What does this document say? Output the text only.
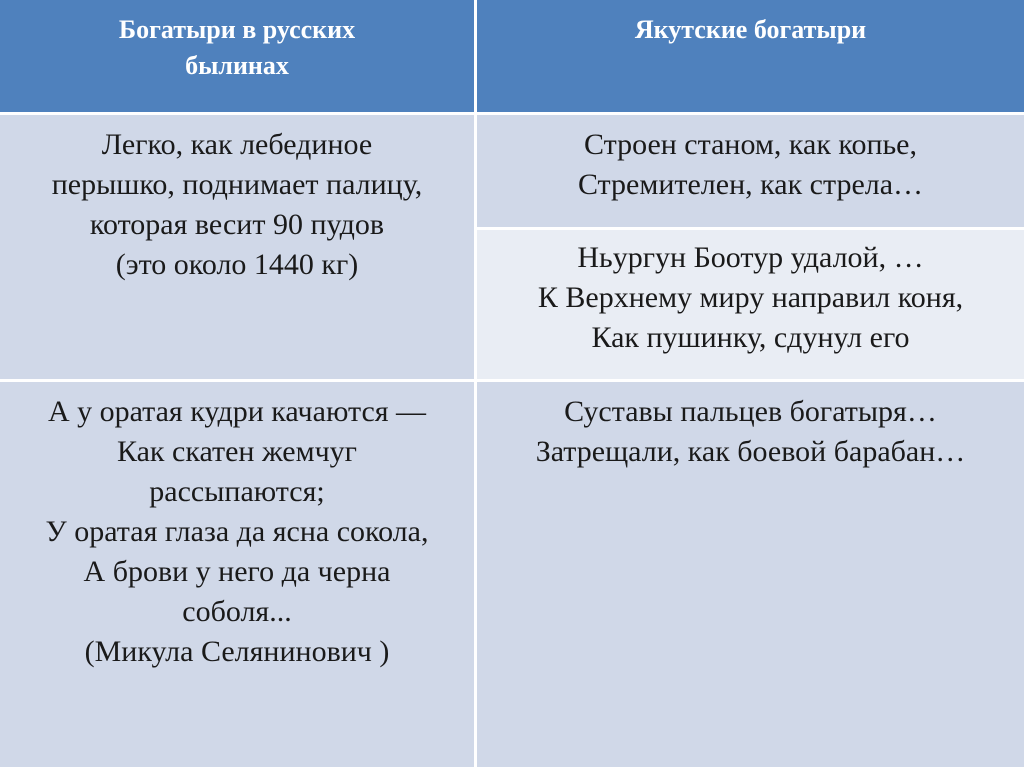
Богатыри в русских
былинах
Якутские богатыри
Легко, как лебединое
перышко, поднимает палицу,
которая весит 90 пудов
(это около 1440 кг)
Строен станом, как копье,
Стремителен, как стрела…
Ньургун Боотур удалой, …
К Верхнему миру направил коня,
Как пушинку, сдунул его
А у оратая кудри качаются —
Как скатен жемчуг
рассыпаются;
У оратая глаза да ясна сокола,
А брови у него да черна
соболя...
(Микула Селянинович )
Суставы пальцев богатыря…
Затрещали, как боевой барабан…
